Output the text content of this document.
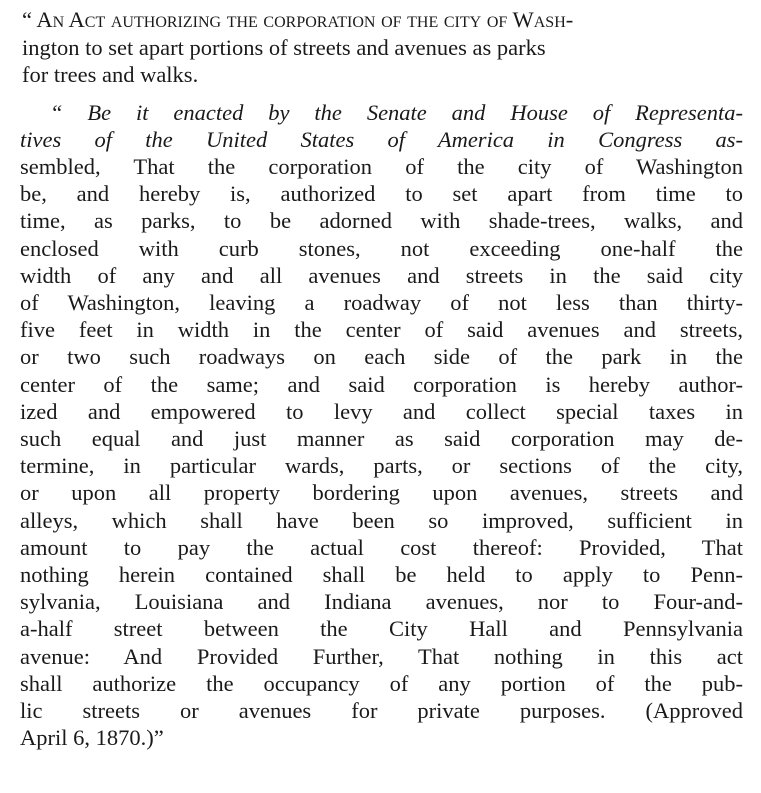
“ An Act authorizing the corporation of the city of Wash-
ington to set apart portions of streets and avenues as parks
for trees and walks.
“ Be it enacted by the Senate and House of Representa-
tives of the United States of America in Congress as-
sembled, That the corporation of the city of Washington
be, and hereby is, authorized to set apart from time to
time, as parks, to be adorned with shade-trees, walks, and
enclosed with curb stones, not exceeding one-half the
width of any and all avenues and streets in the said city
of Washington, leaving a roadway of not less than thirty-
five feet in width in the center of said avenues and streets,
or two such roadways on each side of the park in the
center of the same; and said corporation is hereby author-
ized and empowered to levy and collect special taxes in
such equal and just manner as said corporation may de-
termine, in particular wards, parts, or sections of the city,
or upon all property bordering upon avenues, streets and
alleys, which shall have been so improved, sufficient in
amount to pay the actual cost thereof: Provided, That
nothing herein contained shall be held to apply to Penn-
sylvania, Louisiana and Indiana avenues, nor to Four-and-
a-half street between the City Hall and Pennsylvania
avenue: And Provided Further, That nothing in this act
shall authorize the occupancy of any portion of the pub-
lic streets or avenues for private purposes. (Approved
April 6, 1870.)”
